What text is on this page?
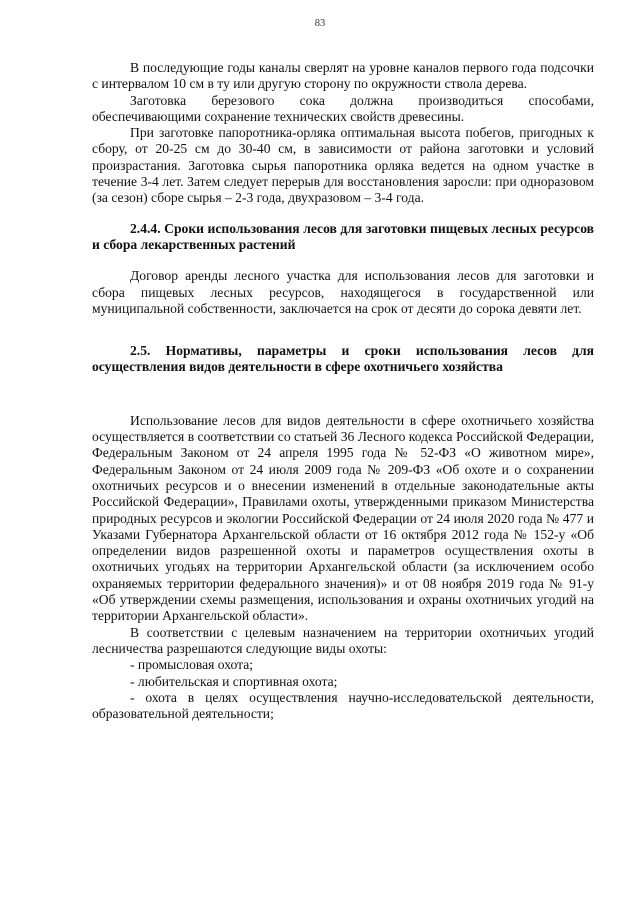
83

В последующие годы каналы сверлят на уровне каналов первого года подсочки с интервалом 10 см в ту или другую сторону по окружности ствола дерева.

Заготовка березового сока должна производиться способами, обеспечивающими сохранение технических свойств древесины.

При заготовке папоротника-орляка оптимальная высота побегов, пригодных к сбору, от 20-25 см до 30-40 см, в зависимости от района заготовки и условий произрастания. Заготовка сырья папоротника орляка ведется на одном участке в течение 3-4 лет. Затем следует перерыв для восстановления заросли: при одноразовом (за сезон) сборе сырья – 2-3 года, двухразовом – 3-4 года.

2.4.4. Сроки использования лесов для заготовки пищевых лесных ресурсов и сбора лекарственных растений

Договор аренды лесного участка для использования лесов для заготовки и сбора пищевых лесных ресурсов, находящегося в государственной или муниципальной собственности, заключается на срок от десяти до сорока девяти лет.

2.5. Нормативы, параметры и сроки использования лесов для осуществления видов деятельности в сфере охотничьего хозяйства

Использование лесов для видов деятельности в сфере охотничьего хозяйства осуществляется в соответствии со статьей 36 Лесного кодекса Российской Федерации, Федеральным Законом от 24 апреля 1995 года № 52-ФЗ «О животном мире», Федеральным Законом от 24 июля 2009 года № 209-ФЗ «Об охоте и о сохранении охотничьих ресурсов и о внесении изменений в отдельные законодательные акты Российской Федерации», Правилами охоты, утвержденными приказом Министерства природных ресурсов и экологии Российской Федерации от 24 июля 2020 года № 477 и Указами Губернатора Архангельской области от 16 октября 2012 года № 152-у «Об определении видов разрешенной охоты и параметров осуществления охоты в охотничьих угодьях на территории Архангельской области (за исключением особо охраняемых территории федерального значения)» и от 08 ноября 2019 года № 91-у «Об утверждении схемы размещения, использования и охраны охотничьих угодий на территории Архангельской области».

В соответствии с целевым назначением на территории охотничьих угодий лесничества разрешаются следующие виды охоты:

- промысловая охота;

- любительская и спортивная охота;

- охота в целях осуществления научно-исследовательской деятельности, образовательной деятельности;
